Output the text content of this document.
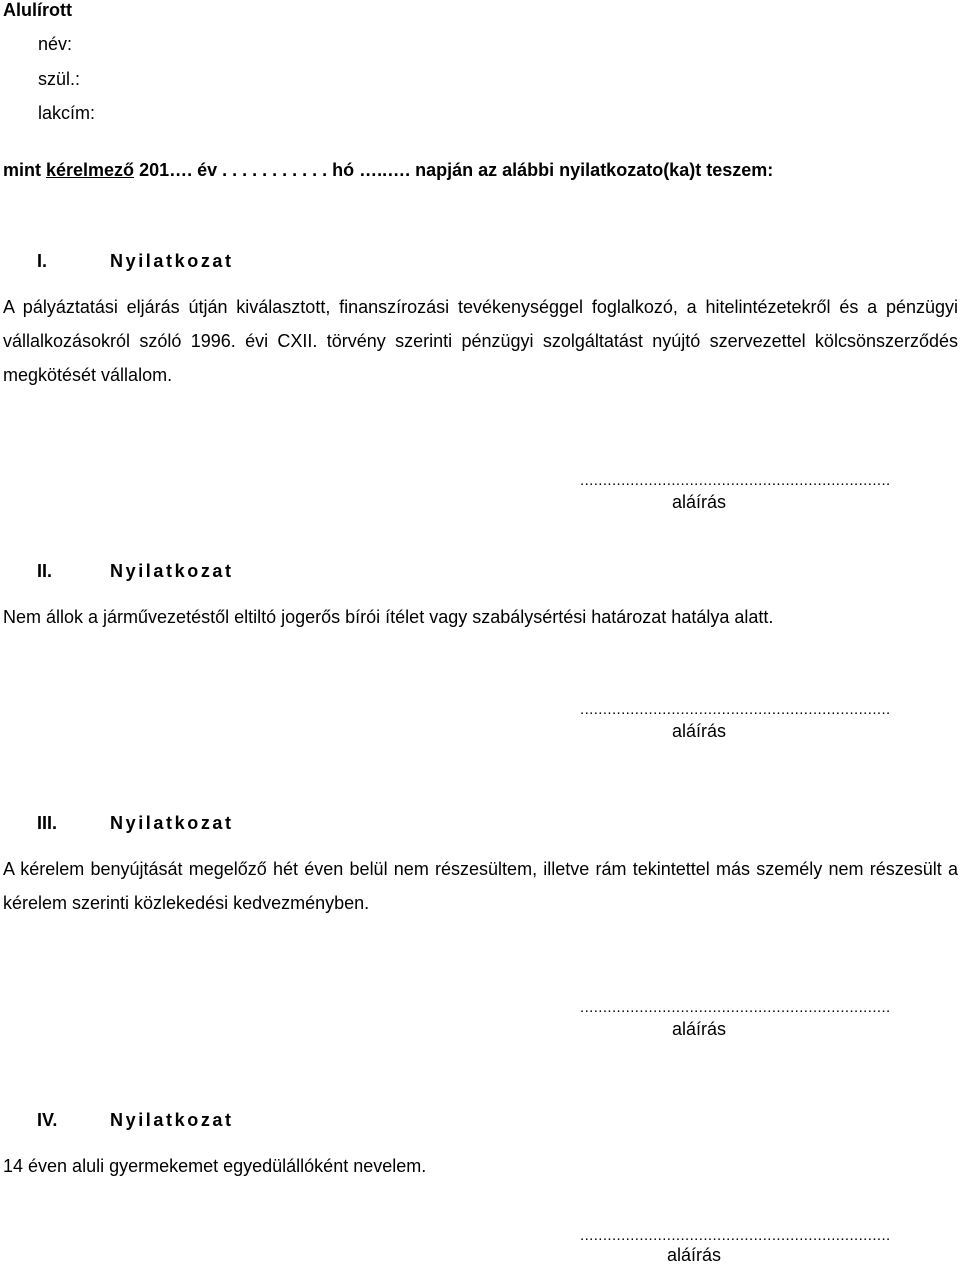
Alulírott
név:
szül.:
lakcím:
mint kérelmező 201…. év . . . . . . . . . . . hó …..…. napján az alábbi nyilatkozato(ka)t teszem:
I.	Nyilatkozat
A pályáztatási eljárás útján kiválasztott, finanszírozási tevékenységgel foglalkozó, a hitelintézetekről és a pénzügyi vállalkozásokról szóló 1996. évi CXII. törvény szerinti pénzügyi szolgáltatást nyújtó szervezettel kölcsönszerződés megkötését vállalom.
....................................................................
aláírás
II.	Nyilatkozat
Nem állok a járművezetéstől eltiltó jogerős bírói ítélet vagy szabálysértési határozat hatálya alatt.
....................................................................
aláírás
III.	Nyilatkozat
A kérelem benyújtását megelőző hét éven belül nem részesültem, illetve rám tekintettel más személy nem részesült a kérelem szerinti közlekedési kedvezményben.
....................................................................
aláírás
IV.	Nyilatkozat
14 éven aluli gyermekemet egyedülállóként nevelem.
....................................................................
aláírás
